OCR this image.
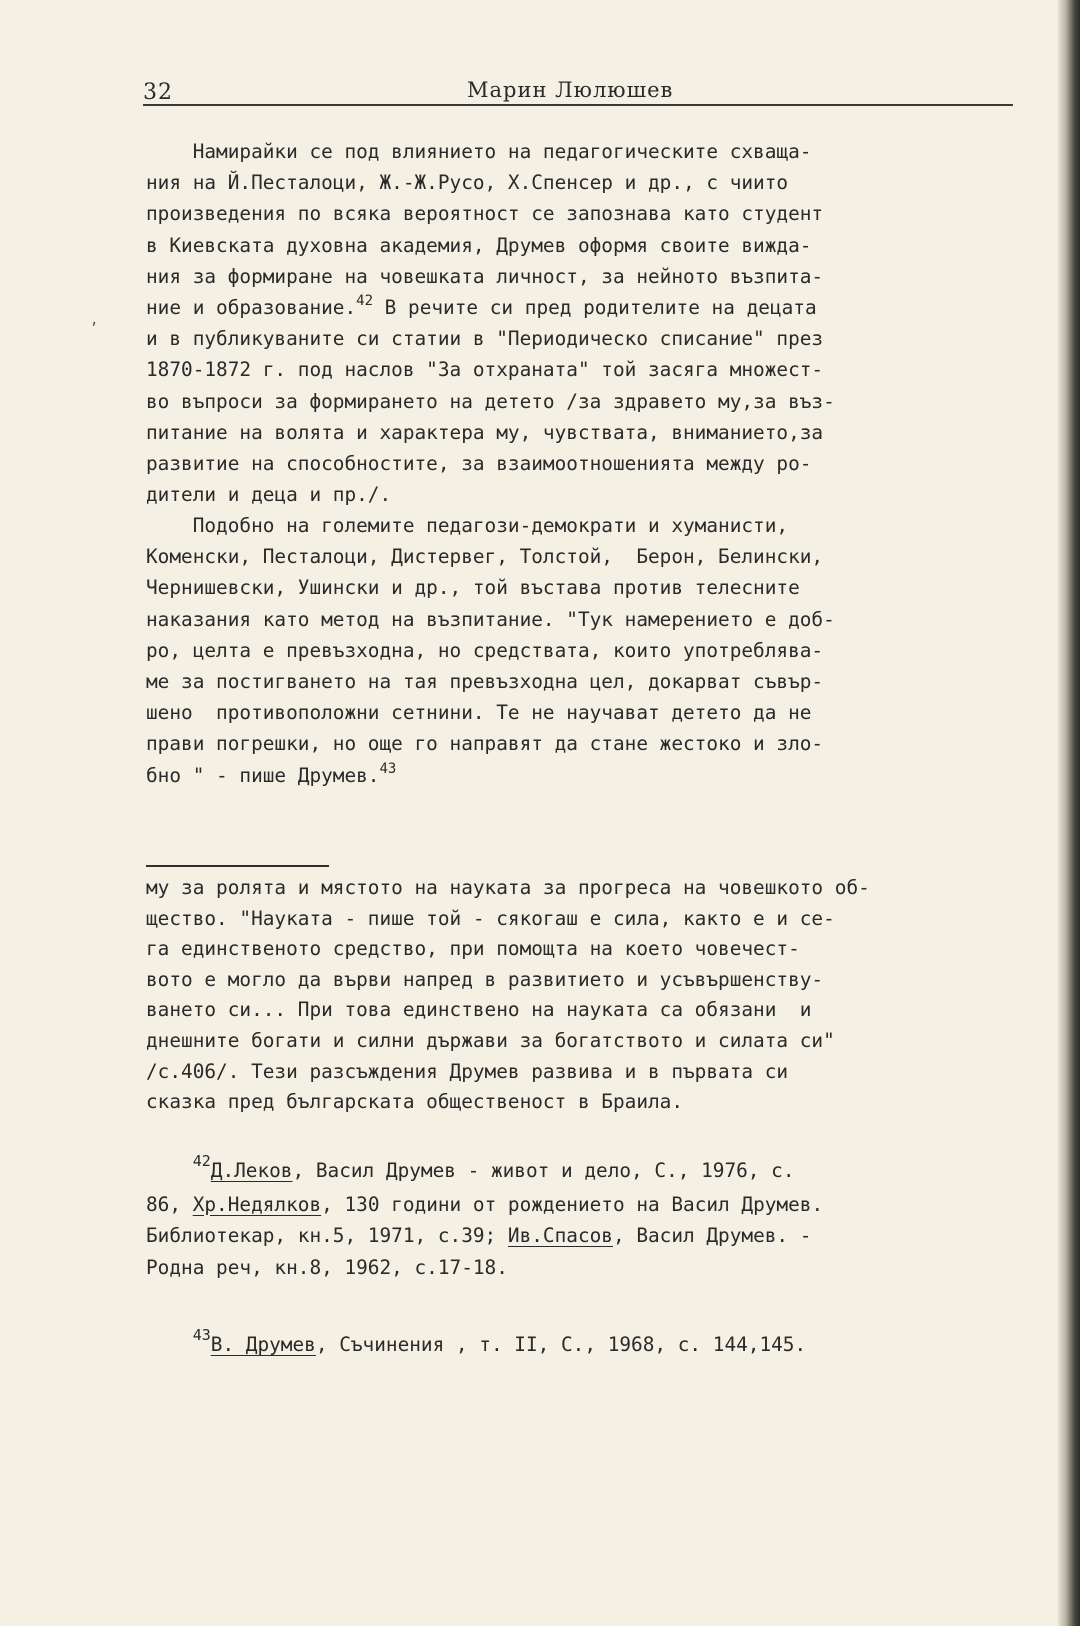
32	Марин Люлюшев
,
Намирайки се под влиянието на педагогическите схваща-
ния на Й.Песталоци, Ж.-Ж.Русо, Х.Спенсер и др., с чиито
произведения по всяка вероятност се запознава като студент
в Киевската духовна академия, Друмев оформя своите вижда-
ния за формиране на човешката личност, за нейното възпита-
ние и образование.$^{42}$ В речите си пред родителите на децата
и в публикуваните си статии в "Периодическо списание" през
1870-1872 г. под наслов "За отхраната" той засяга множест-
во въпроси за формирането на детето /за здравето му,за въз-
питание на волята и характера му, чувствата, вниманието,за
развитие на способностите, за взаимоотношенията между ро-
дители и деца и пр./.
Подобно на големите педагози-демократи и хуманисти,
Коменски, Песталоци, Дистервег, Толстой,  Берон, Белински,
Чернишевски, Ушински и др., той въстава против телесните
наказания като метод на възпитание. "Тук намерението е доб-
ро, целта е превъзходна, но средствата, които употреблява-
ме за постигването на тая превъзходна цел, докарват съвър-
шено  противоположни сетнини. Те не научават детето да не
прави погрешки, но още го направят да стане жестоко и зло-
бно " - пише Друмев.$^{43}$
му за ролята и мястото на науката за прогреса на човешкото об-
щество. "Науката - пише той - сякогаш е сила, както е и се-
га единственото средство, при помощта на което човечест-
вото е могло да върви напред в развитието и усъвършенству-
ването си... При това единствено на науката са обязани  и
днешните богати и силни държави за богатството и силата си"
/с.406/. Тези разсъждения Друмев развива и в първата си
сказка пред българската общественост в Браила.
$^{42}$Д.Леков, Васил Друмев - живот и дело, С., 1976, с.
86, Хр.Недялков, 130 години от рождението на Васил Друмев.
Библиотекар, кн.5, 1971, с.39; Ив.Спасов, Васил Друмев. -
Родна реч, кн.8, 1962, с.17-18.
$^{43}$В. Друмев, Съчинения , т. II, С., 1968, с. 144,145.
